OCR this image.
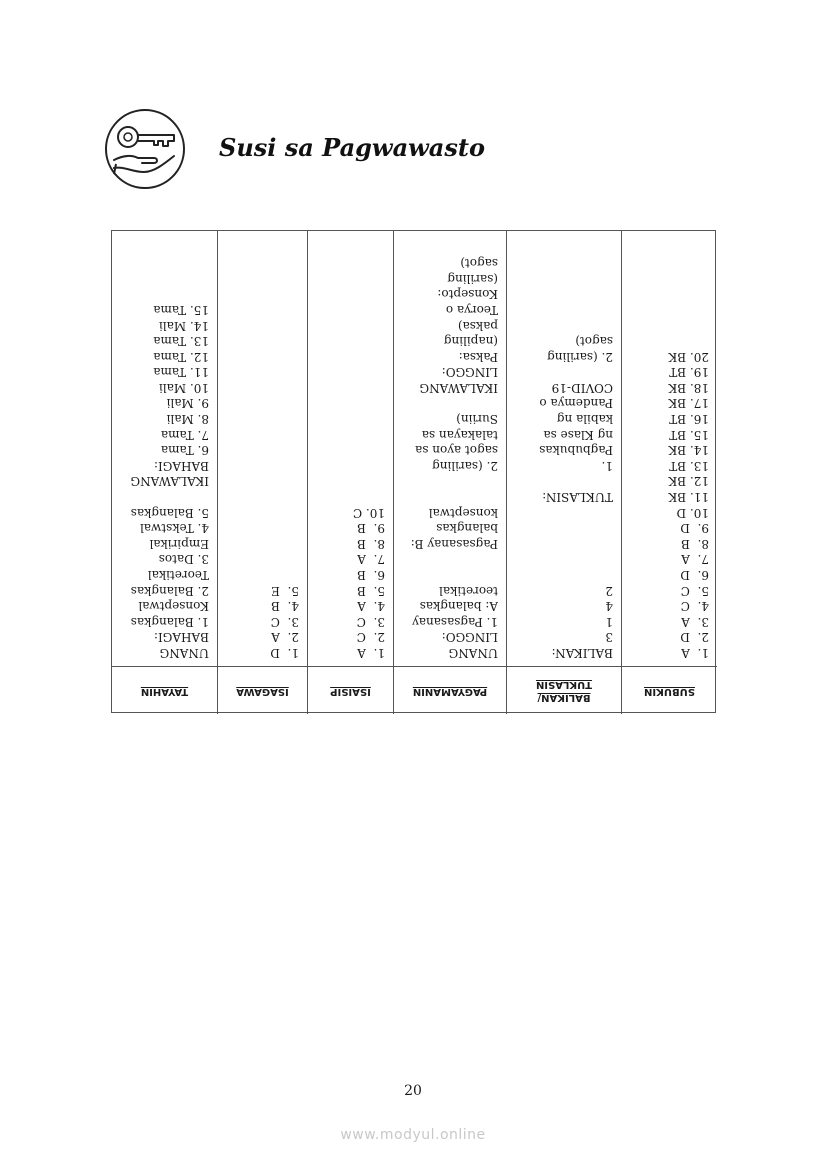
Susi sa Pagwawasto
SUBUKIN
1.  A
2.  D
3.  A
4.  C
5.  C
6.  D
7.  A
8.  B
9.  D
10. D
11. BK
12. BK
13. BT
14. BK
15. BT
16. BT
17. BK
18. BK
19. BT
20. BK
BALIKAN/ TUKLASIN
BALIKAN:
3
1
4
2

TUKLASIN:

1.
Pagbubukas
ng Klase sa
kabila ng
Pandemya o
COVID-19

2. (sariling
sagot)
PAGYAMANIN
UNANG
LINGGO:
1. Pagsasanay
A: balangkas
teoretikal

Pagsasanay B:
balangkas
konseptwal

2. (sariling
sagot ayon sa
talakayan sa
Suriin)

IKALAWANG
LINGGO:
Paksa:
(napiling
paksa)
Teorya o
Konsepto:
(sariling
sagot)
ISAISIP
1.  A
2.  C
3.  C
4.  A
5.  B
6.  B
7.  A
8.  B
9.  B
10. C
ISAGAWA
1.  D
2.  A
3.  C
4.  B
5.  E
TAYAHIN
UNANG
BAHAGI:
1. Balangkas
Konseptwal
2. Balangkas
Teoretikal
3. Datos
Empirikal
4. Tekstwal
5. Balangkas

IKALAWANG
BAHAGI:
6. Tama
7. Tama
8. Mali
9. Mali
10. Mali
11. Tama
12. Tama
13. Tama
14. Mali
15. Tama
20
www.modyul.online
